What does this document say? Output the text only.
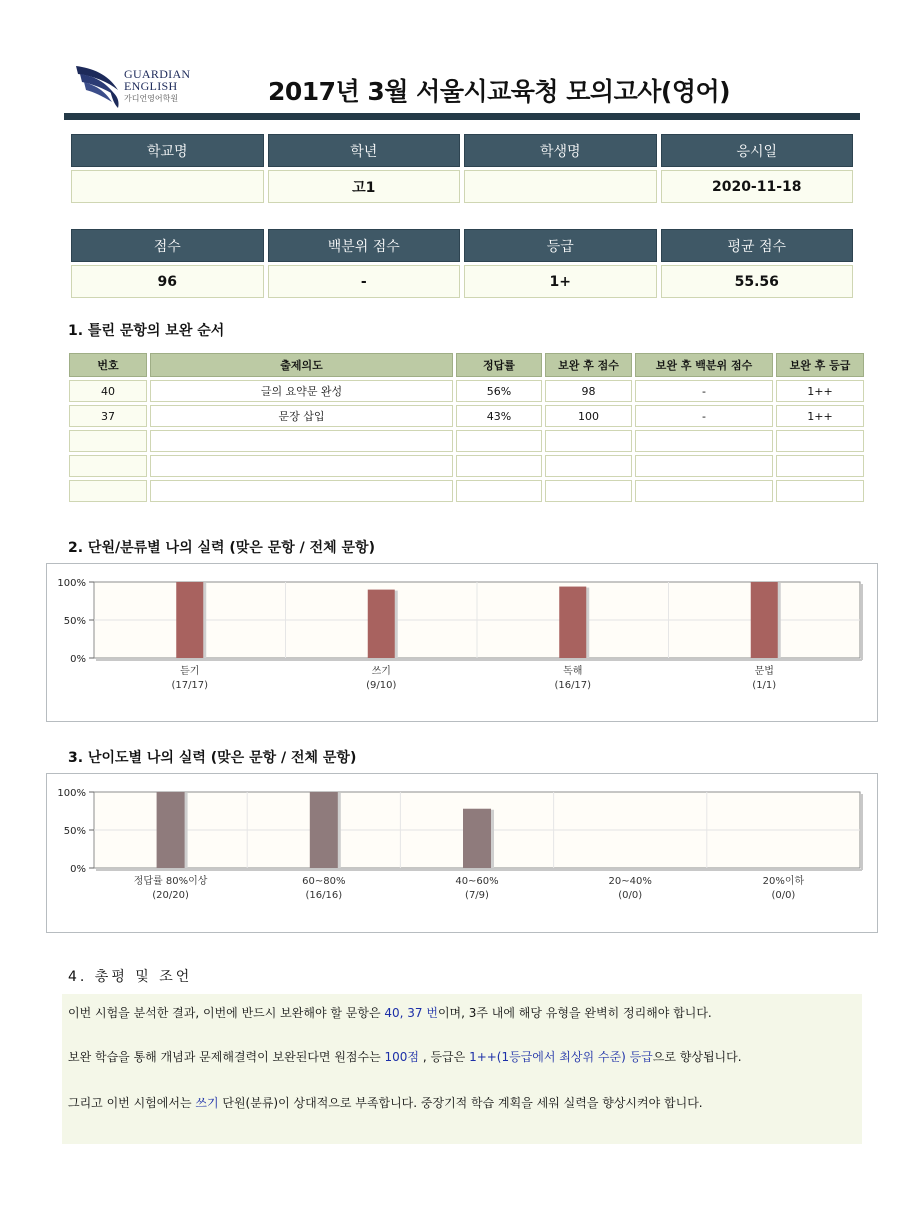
GUARDIAN
ENGLISH
가디언영어학원	2017년 3월 서울시교육청 모의고사(영어)
학교명	학년	학생명	응시일
	고1		2020-11-18
점수	백분위 점수	등급	평균 점수
96	-	1+	55.56
1. 틀린 문항의 보완 순서
번호	출제의도	정답률	보완 후 점수	보완 후 백분위 점수	보완 후 등급
40	글의 요약문 완성	56%	98	-	1++
37	문장 삽입	43%	100	-	1++

2. 단원/분류별 나의 실력 (맞은 문항 / 전체 문항)
100%
50%
0%
듣기
(17/17)
쓰기
(9/10)
독해
(16/17)
문법
(1/1)
3. 난이도별 나의 실력 (맞은 문항 / 전체 문항)
100%
50%
0%
정답률 80%이상
(20/20)
60~80%
(16/16)
40~60%
(7/9)
20~40%
(0/0)
20%이하
(0/0)
4. 총평 및 조언
이번 시험을 분석한 결과, 이번에 반드시 보완해야 할 문항은 40, 37 번이며, 3주 내에 해당 유형을 완벽히 정리해야 합니다.
보완 학습을 통해 개념과 문제해결력이 보완된다면 원점수는 100점 , 등급은 1++(1등급에서 최상위 수준) 등급으로 향상됩니다.
그리고 이번 시험에서는 쓰기 단원(분류)이 상대적으로 부족합니다. 중장기적 학습 계획을 세워 실력을 향상시켜야 합니다.
